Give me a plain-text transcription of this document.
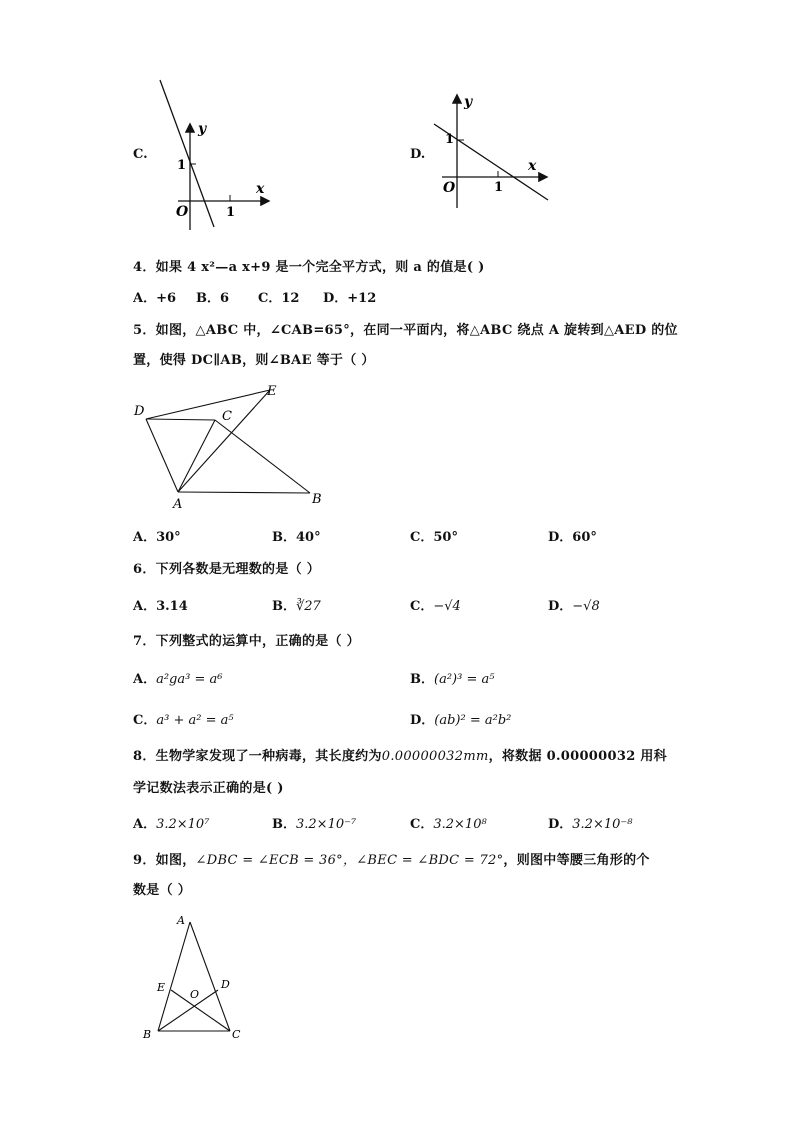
C.
y
x
O
1
1
D.
y
x
O
1
1
4．如果 4 x²—a x+9 是一个完全平方式，则 a 的值是( )
A．+6 B．6 C．12 D．+12
5．如图，△ABC 中，∠CAB=65°，在同一平面内，将△ABC 绕点 A 旋转到△AED 的位
置，使得 DC∥AB，则∠BAE 等于（ ）
D	C
E
A	B
A．30°	B．40°	C．50°	D．60°
6．下列各数是无理数的是（ ）
A．3.14	B．∛27	C．−√4	D．−√8
7．下列整式的运算中，正确的是（ ）
A．a²ga³ = a⁶	B．(a²)³ = a⁵
C．a³ + a² = a⁵	D．(ab)² = a²b²
8．生物学家发现了一种病毒，其长度约为0.00000032mm，将数据 0.00000032 用科
学记数法表示正确的是( )
A．3.2×10⁷	B．3.2×10⁻⁷	C．3.2×10⁸	D．3.2×10⁻⁸
9．如图，∠DBC = ∠ECB = 36°，∠BEC = ∠BDC = 72°，则图中等腰三角形的个
数是（ ）
A
E	D
O
B	C
